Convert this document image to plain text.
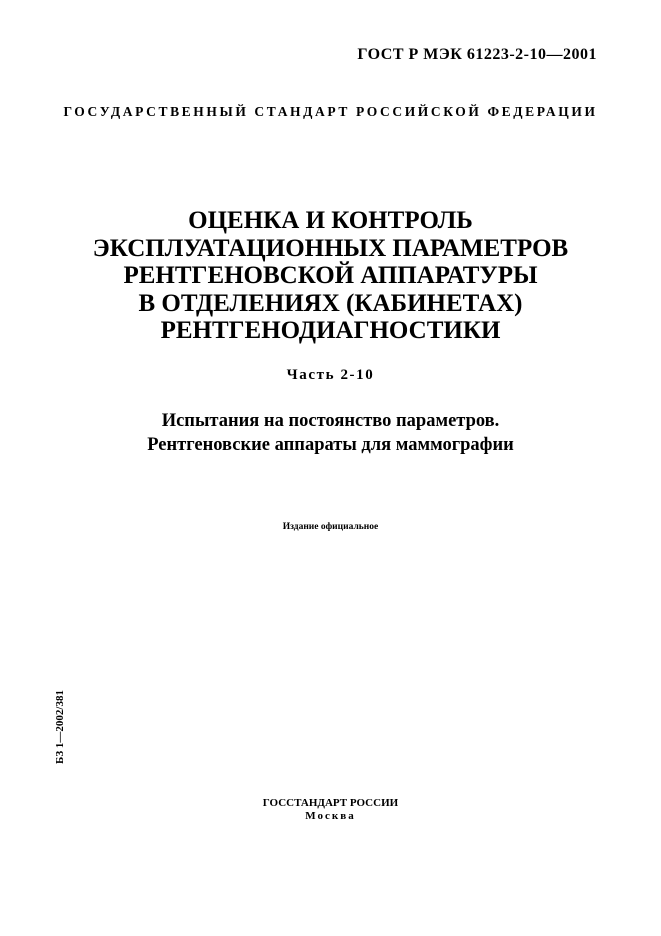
ГОСТ Р МЭК 61223-2-10—2001
ГОСУДАРСТВЕННЫЙ СТАНДАРТ РОССИЙСКОЙ ФЕДЕРАЦИИ
ОЦЕНКА И КОНТРОЛЬ
ЭКСПЛУАТАЦИОННЫХ ПАРАМЕТРОВ
РЕНТГЕНОВСКОЙ АППАРАТУРЫ
В ОТДЕЛЕНИЯХ (КАБИНЕТАХ)
РЕНТГЕНОДИАГНОСТИКИ
Часть 2-10
Испытания на постоянство параметров.
Рентгеновские аппараты для маммографии
Издание официальное
БЗ 1—2002/381
ГОССТАНДАРТ РОССИИ
Москва
